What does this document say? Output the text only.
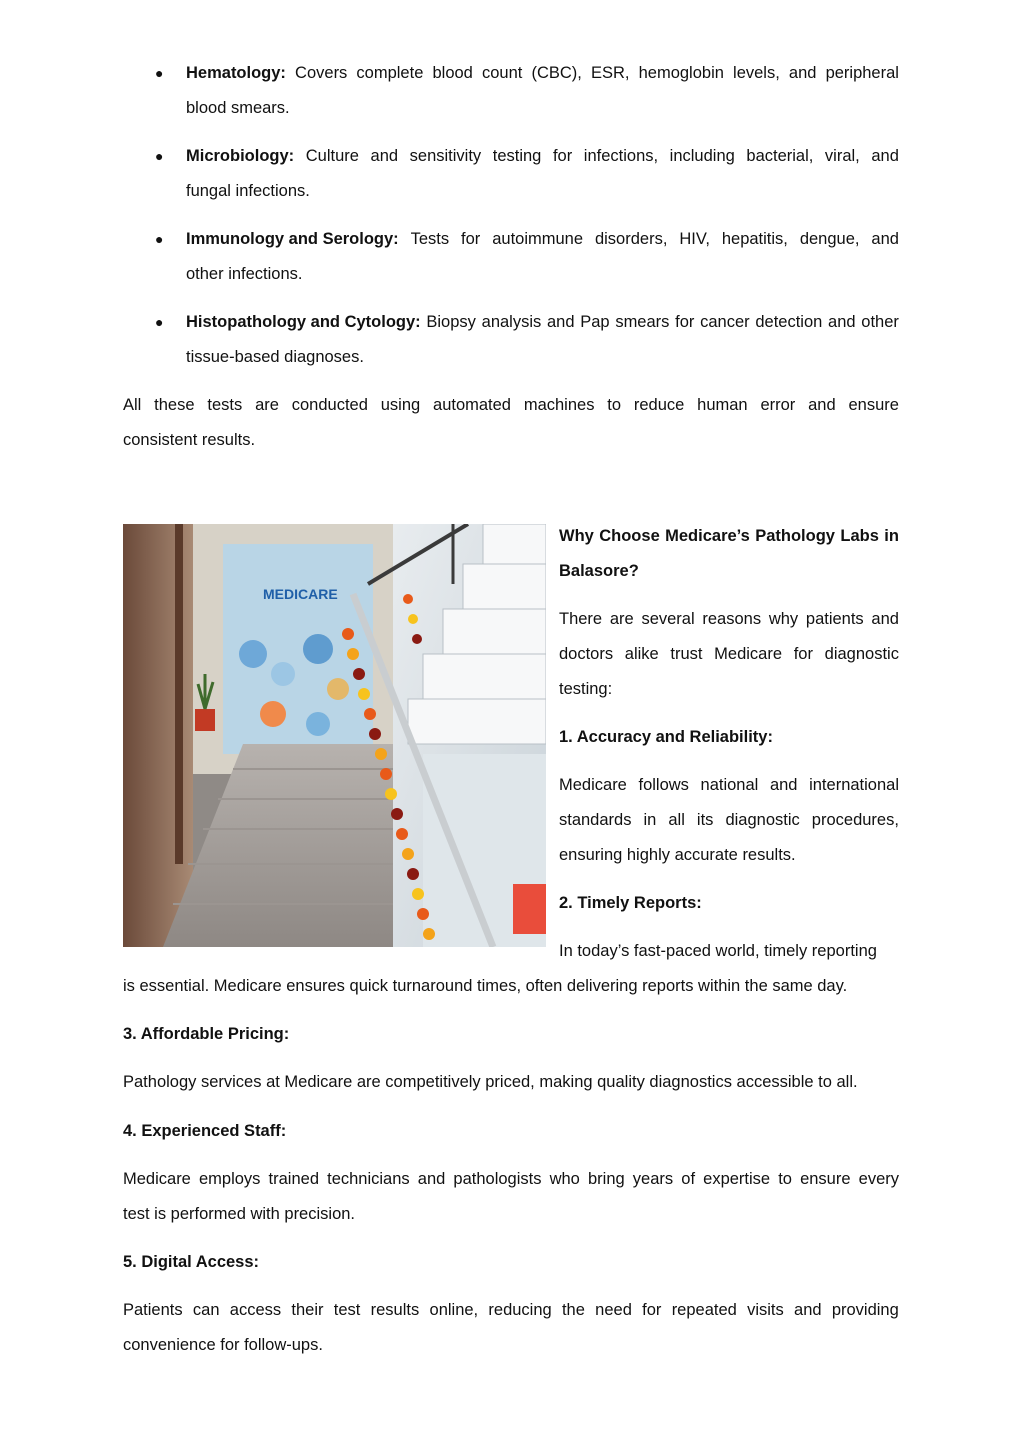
● Hematology: Covers complete blood count (CBC), ESR, hemoglobin levels, and peripheral
blood smears.
● Microbiology: Culture and sensitivity testing for infections, including bacterial, viral, and
fungal infections.
● Immunology and Serology: Tests for autoimmune disorders, HIV, hepatitis, dengue, and
other infections.
● Histopathology and Cytology: Biopsy analysis and Pap smears for cancer detection and other
tissue-based diagnoses.
All these tests are conducted using automated machines to reduce human error and ensure
consistent results.
MEDICARE
Why Choose Medicare’s Pathology Labs in
Balasore?
There are several reasons why patients and
doctors alike trust Medicare for diagnostic
testing:
1. Accuracy and Reliability:
Medicare follows national and international
standards in all its diagnostic procedures,
ensuring highly accurate results.
2. Timely Reports:
In today’s fast-paced world, timely reporting
is essential. Medicare ensures quick turnaround times, often delivering reports within the same day.
3. Affordable Pricing:
Pathology services at Medicare are competitively priced, making quality diagnostics accessible to all.
4. Experienced Staff:
Medicare employs trained technicians and pathologists who bring years of expertise to ensure every
test is performed with precision.
5. Digital Access:
Patients can access their test results online, reducing the need for repeated visits and providing
convenience for follow-ups.
